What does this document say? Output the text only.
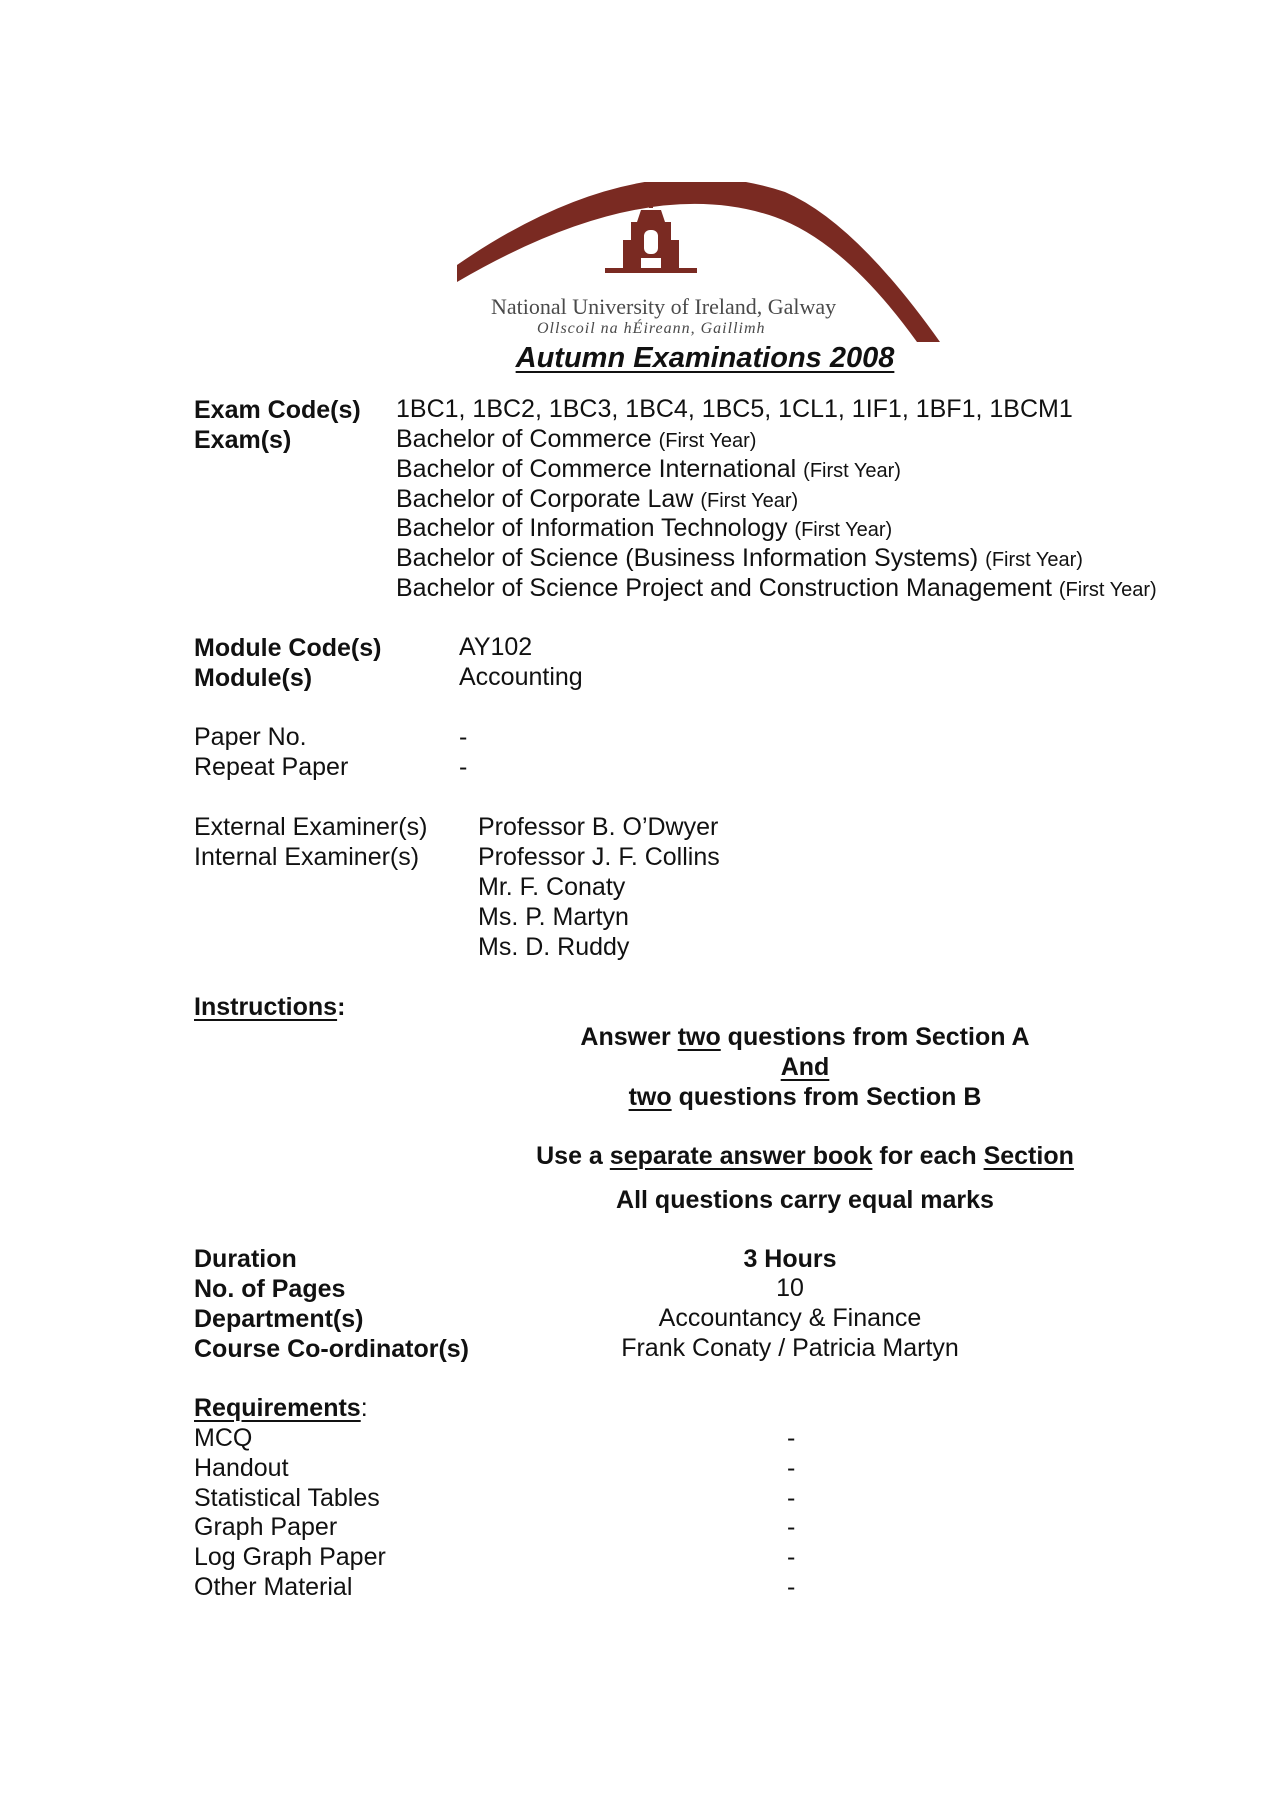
National University of Ireland, Galway
Ollscoil na hÉireann, Gaillimh
Autumn Examinations 2008
Exam Code(s) 1BC1, 1BC2, 1BC3, 1BC4, 1BC5, 1CL1, 1IF1, 1BF1, 1BCM1
Exam(s)	Bachelor of Commerce (First Year)
Bachelor of Commerce International (First Year)
Bachelor of Corporate Law (First Year)
Bachelor of Information Technology (First Year)
Bachelor of Science (Business Information Systems) (First Year)
Bachelor of Science Project and Construction Management (First Year)
Module Code(s)	AY102
Module(s)	Accounting
Paper No.	-
Repeat Paper	-
External Examiner(s) Professor B. O’Dwyer
Internal Examiner(s) Professor J. F. Collins
Mr. F. Conaty
Ms. P. Martyn
Ms. D. Ruddy
Instructions:
Answer two questions from Section A
And
two questions from Section B
Use a separate answer book for each Section
All questions carry equal marks
Duration	3 Hours
No. of Pages	10
Department(s)	Accountancy & Finance
Course Co-ordinator(s)	Frank Conaty / Patricia Martyn
Requirements:
MCQ	-
Handout	-
Statistical Tables	-
Graph Paper	-
Log Graph Paper	-
Other Material	-
